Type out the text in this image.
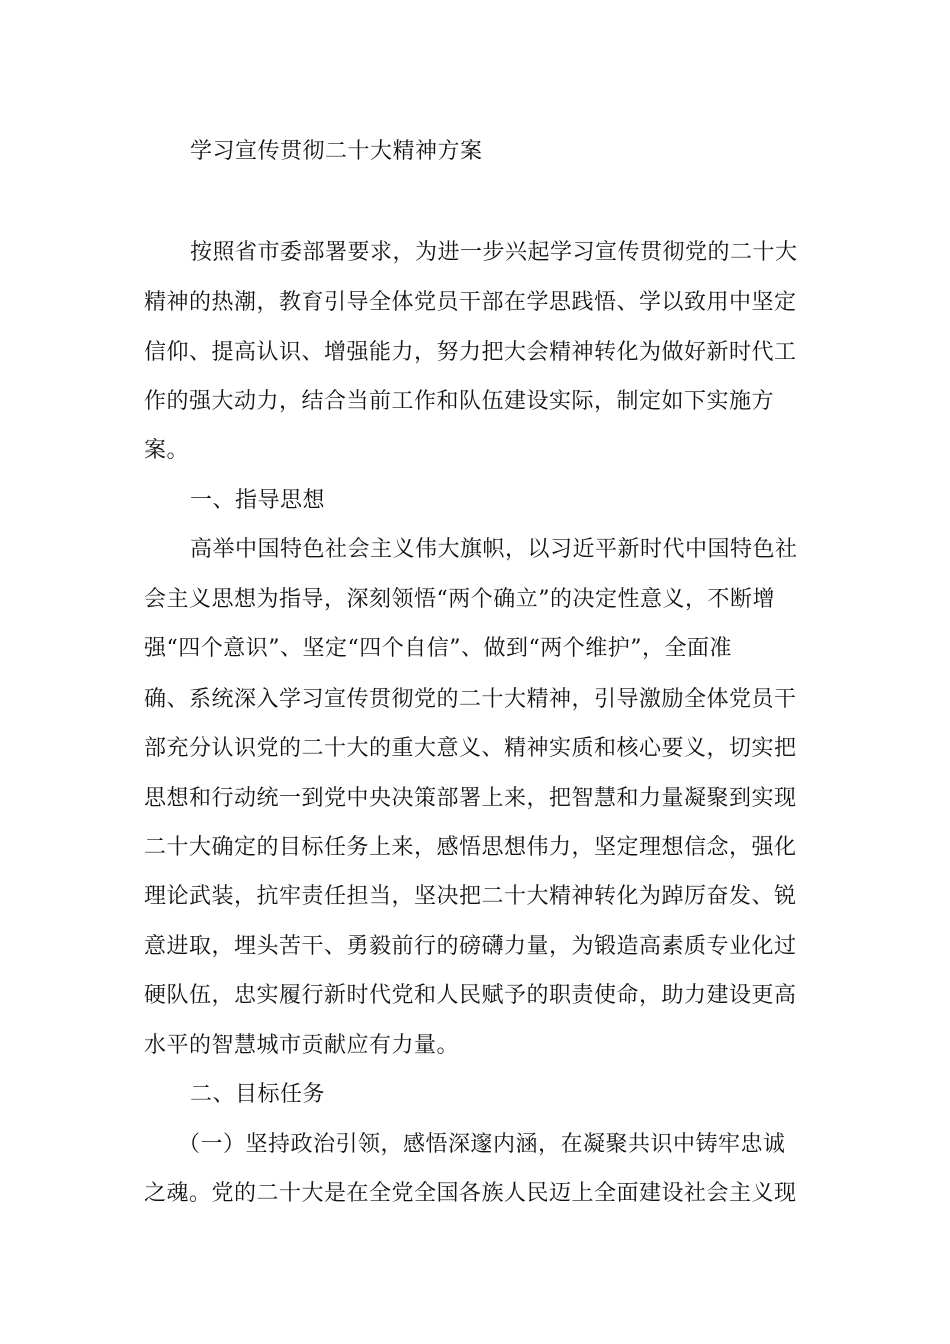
学习宣传贯彻二十大精神方案
按照省市委部署要求，为进一步兴起学习宣传贯彻党的二十大
精神的热潮，教育引导全体党员干部在学思践悟、学以致用中坚定
信仰、提高认识、增强能力，努力把大会精神转化为做好新时代工
作的强大动力，结合当前工作和队伍建设实际，制定如下实施方
案。
一、指导思想
高举中国特色社会主义伟大旗帜，以习近平新时代中国特色社
会主义思想为指导，深刻领悟“两个确立”的决定性意义，不断增
强“四个意识”、坚定“四个自信”、做到“两个维护”，全面准
确、系统深入学习宣传贯彻党的二十大精神，引导激励全体党员干
部充分认识党的二十大的重大意义、精神实质和核心要义，切实把
思想和行动统一到党中央决策部署上来，把智慧和力量凝聚到实现
二十大确定的目标任务上来，感悟思想伟力，坚定理想信念，强化
理论武装，抗牢责任担当，坚决把二十大精神转化为踔厉奋发、锐
意进取，埋头苦干、勇毅前行的磅礴力量，为锻造高素质专业化过
硬队伍，忠实履行新时代党和人民赋予的职责使命，助力建设更高
水平的智慧城市贡献应有力量。
二、目标任务
（一）坚持政治引领，感悟深邃内涵，在凝聚共识中铸牢忠诚
之魂。党的二十大是在全党全国各族人民迈上全面建设社会主义现
